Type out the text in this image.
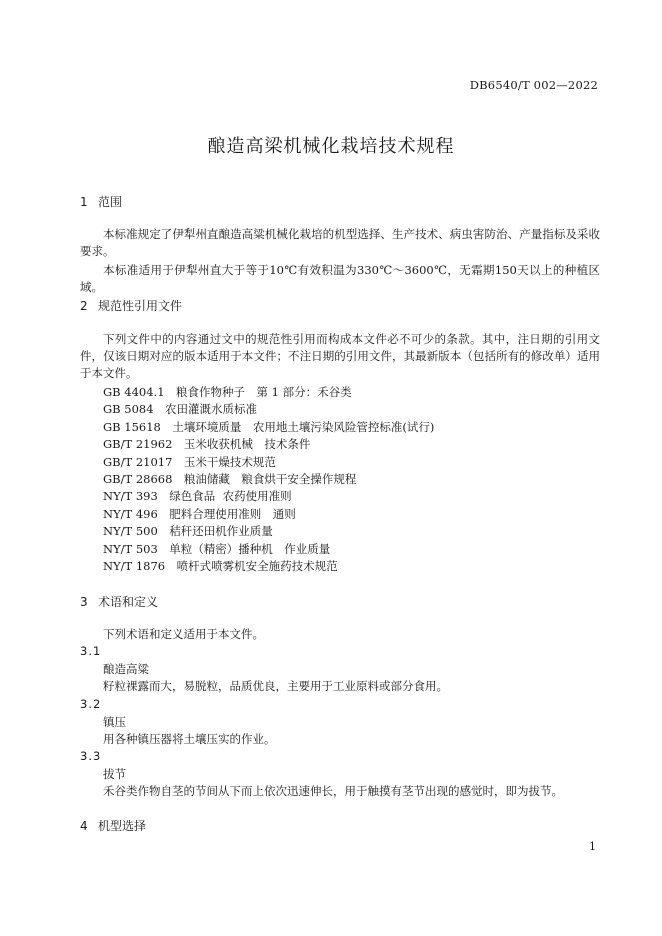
DB6540/T 002—2022
酿造高梁机械化栽培技术规程
1 范围
本标准规定了伊犁州直酿造高粱机械化栽培的机型选择、生产技术、病虫害防治、产量指标及采收要求。
本标准适用于伊犁州直大于等于10℃有效积温为330℃～3600℃，无霜期150天以上的种植区域。
2 规范性引用文件
下列文件中的内容通过文中的规范性引用而构成本文件必不可少的条款。其中，注日期的引用文件，仅该日期对应的版本适用于本文件；不注日期的引用文件，其最新版本（包括所有的修改单）适用于本文件。
GB 4404.1　粮食作物种子　第 1 部分：禾谷类
GB 5084　农田灌溉水质标准
GB 15618　土壤环境质量　农用地土壤污染风险管控标准(试行)
GB/T 21962　玉米收获机械　技术条件
GB/T 21017　玉米干燥技术规范
GB/T 28668　粮油储藏　粮食烘干安全操作规程
NY/T 393　绿色食品  农药使用准则
NY/T 496　肥料合理使用准则　通则
NY/T 500　秸秆还田机作业质量
NY/T 503　单粒（精密）播种机　作业质量
NY/T 1876　喷杆式喷雾机安全施药技术规范
3 术语和定义
下列术语和定义适用于本文件。
3.1
酿造高粱
籽粒裸露而大，易脱粒，品质优良，主要用于工业原料或部分食用。
3.2
镇压
用各种镇压器将土壤压实的作业。
3.3
拔节
禾谷类作物自茎的节间从下而上依次迅速伸长，用于触摸有茎节出现的感觉时，即为拔节。
4 机型选择
1
